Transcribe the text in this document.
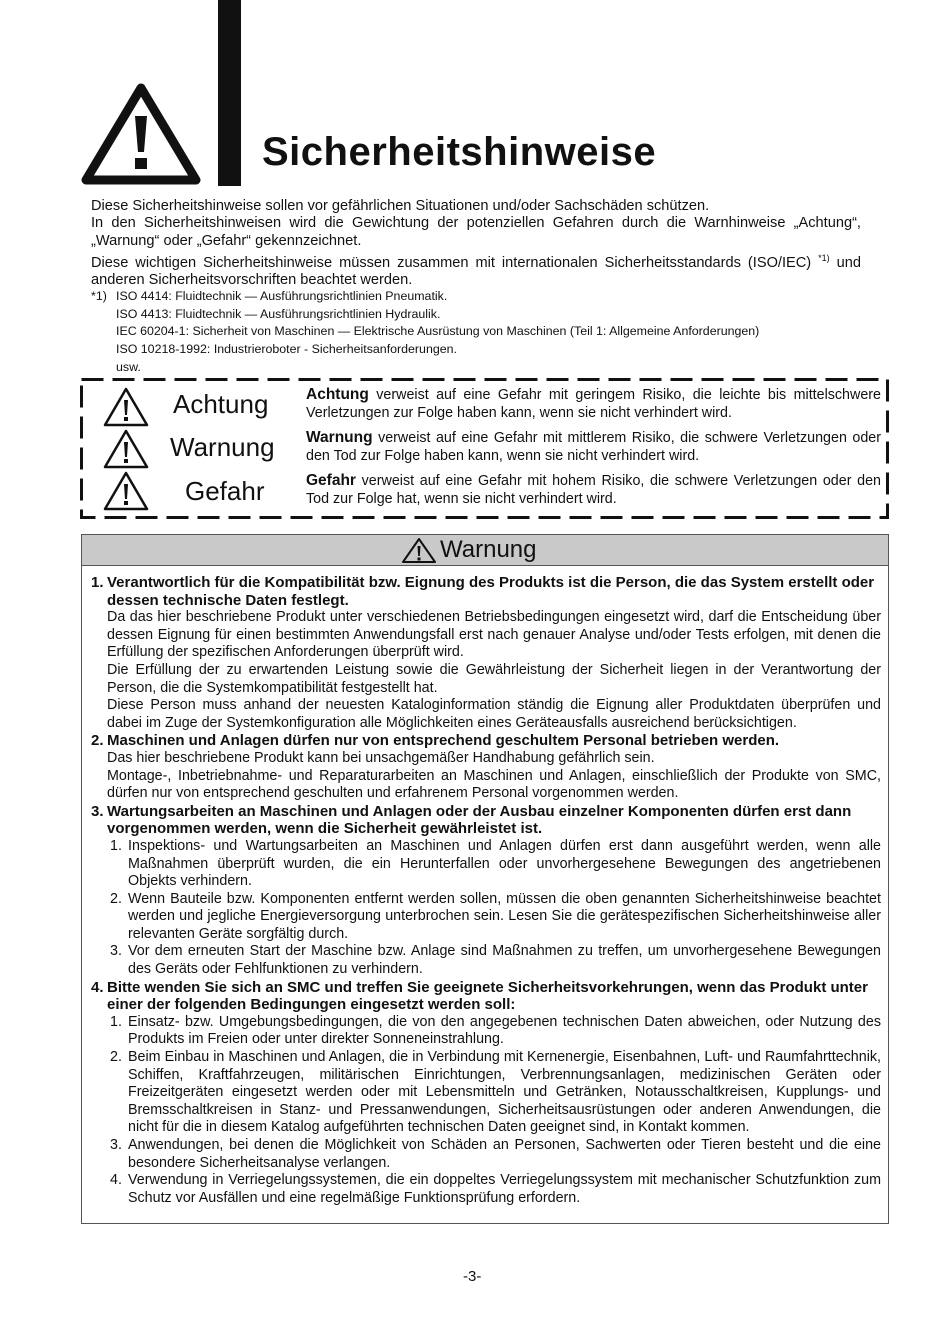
Sicherheitshinweise

Diese Sicherheitshinweise sollen vor gefährlichen Situationen und/oder Sachschäden schützen.

In den Sicherheitshinweisen wird die Gewichtung der potenziellen Gefahren durch die Warnhinweise „Achtung“, „Warnung“ oder „Gefahr“ gekennzeichnet.

Diese wichtigen Sicherheitshinweise müssen zusammen mit internationalen Sicherheitsstandards (ISO/IEC) $^{*1)}$ und anderen Sicherheitsvorschriften beachtet werden.

*1) ISO 4414: Fluidtechnik — Ausführungsrichtlinien Pneumatik.
ISO 4413: Fluidtechnik — Ausführungsrichtlinien Hydraulik.
IEC 60204-1: Sicherheit von Maschinen — Elektrische Ausrüstung von Maschinen (Teil 1: Allgemeine Anforderungen)
ISO 10218-1992: Industrieroboter - Sicherheitsanforderungen.
usw.
Achtung
Warnung
Gefahr
Achtung verweist auf eine Gefahr mit geringem Risiko, die leichte bis mittelschwere Verletzungen zur Folge haben kann, wenn sie nicht verhindert wird.
Warnung verweist auf eine Gefahr mit mittlerem Risiko, die schwere Verletzungen oder den Tod zur Folge haben kann, wenn sie nicht verhindert wird.
Gefahr verweist auf eine Gefahr mit hohem Risiko, die schwere Verletzungen oder den Tod zur Folge hat, wenn sie nicht verhindert wird.
Warnung
1. Verantwortlich für die Kompatibilität bzw. Eignung des Produkts ist die Person, die das System erstellt oder dessen technische Daten festlegt.
Da das hier beschriebene Produkt unter verschiedenen Betriebsbedingungen eingesetzt wird, darf die Entscheidung über dessen Eignung für einen bestimmten Anwendungsfall erst nach genauer Analyse und/oder Tests erfolgen, mit denen die Erfüllung der spezifischen Anforderungen überprüft wird.
Die Erfüllung der zu erwartenden Leistung sowie die Gewährleistung der Sicherheit liegen in der Verantwortung der Person, die die Systemkompatibilität festgestellt hat.
Diese Person muss anhand der neuesten Kataloginformation ständig die Eignung aller Produktdaten überprüfen und dabei im Zuge der Systemkonfiguration alle Möglichkeiten eines Geräteausfalls ausreichend berücksichtigen.
2. Maschinen und Anlagen dürfen nur von entsprechend geschultem Personal betrieben werden.
Das hier beschriebene Produkt kann bei unsachgemäßer Handhabung gefährlich sein.
Montage-, Inbetriebnahme- und Reparaturarbeiten an Maschinen und Anlagen, einschließlich der Produkte von SMC, dürfen nur von entsprechend geschulten und erfahrenem Personal vorgenommen werden.
3. Wartungsarbeiten an Maschinen und Anlagen oder der Ausbau einzelner Komponenten dürfen erst dann vorgenommen werden, wenn die Sicherheit gewährleistet ist.
1. Inspektions- und Wartungsarbeiten an Maschinen und Anlagen dürfen erst dann ausgeführt werden, wenn alle Maßnahmen überprüft wurden, die ein Herunterfallen oder unvorhergesehene Bewegungen des angetriebenen Objekts verhindern.
2. Wenn Bauteile bzw. Komponenten entfernt werden sollen, müssen die oben genannten Sicherheitshinweise beachtet werden und jegliche Energieversorgung unterbrochen sein. Lesen Sie die gerätespezifischen Sicherheitshinweise aller relevanten Geräte sorgfältig durch.
3. Vor dem erneuten Start der Maschine bzw. Anlage sind Maßnahmen zu treffen, um unvorhergesehene Bewegungen des Geräts oder Fehlfunktionen zu verhindern.
4. Bitte wenden Sie sich an SMC und treffen Sie geeignete Sicherheitsvorkehrungen, wenn das Produkt unter einer der folgenden Bedingungen eingesetzt werden soll:
1. Einsatz- bzw. Umgebungsbedingungen, die von den angegebenen technischen Daten abweichen, oder Nutzung des Produkts im Freien oder unter direkter Sonneneinstrahlung.
2. Beim Einbau in Maschinen und Anlagen, die in Verbindung mit Kernenergie, Eisenbahnen, Luft- und Raumfahrttechnik, Schiffen, Kraftfahrzeugen, militärischen Einrichtungen, Verbrennungsanlagen, medizinischen Geräten oder Freizeitgeräten eingesetzt werden oder mit Lebensmitteln und Getränken, Notausschaltkreisen, Kupplungs- und Bremsschaltkreisen in Stanz- und Pressanwendungen, Sicherheitsausrüstungen oder anderen Anwendungen, die nicht für die in diesem Katalog aufgeführten technischen Daten geeignet sind, in Kontakt kommen.
3. Anwendungen, bei denen die Möglichkeit von Schäden an Personen, Sachwerten oder Tieren besteht und die eine besondere Sicherheitsanalyse verlangen.
4. Verwendung in Verriegelungssystemen, die ein doppeltes Verriegelungssystem mit mechanischer Schutzfunktion zum Schutz vor Ausfällen und eine regelmäßige Funktionsprüfung erfordern.
-3-
